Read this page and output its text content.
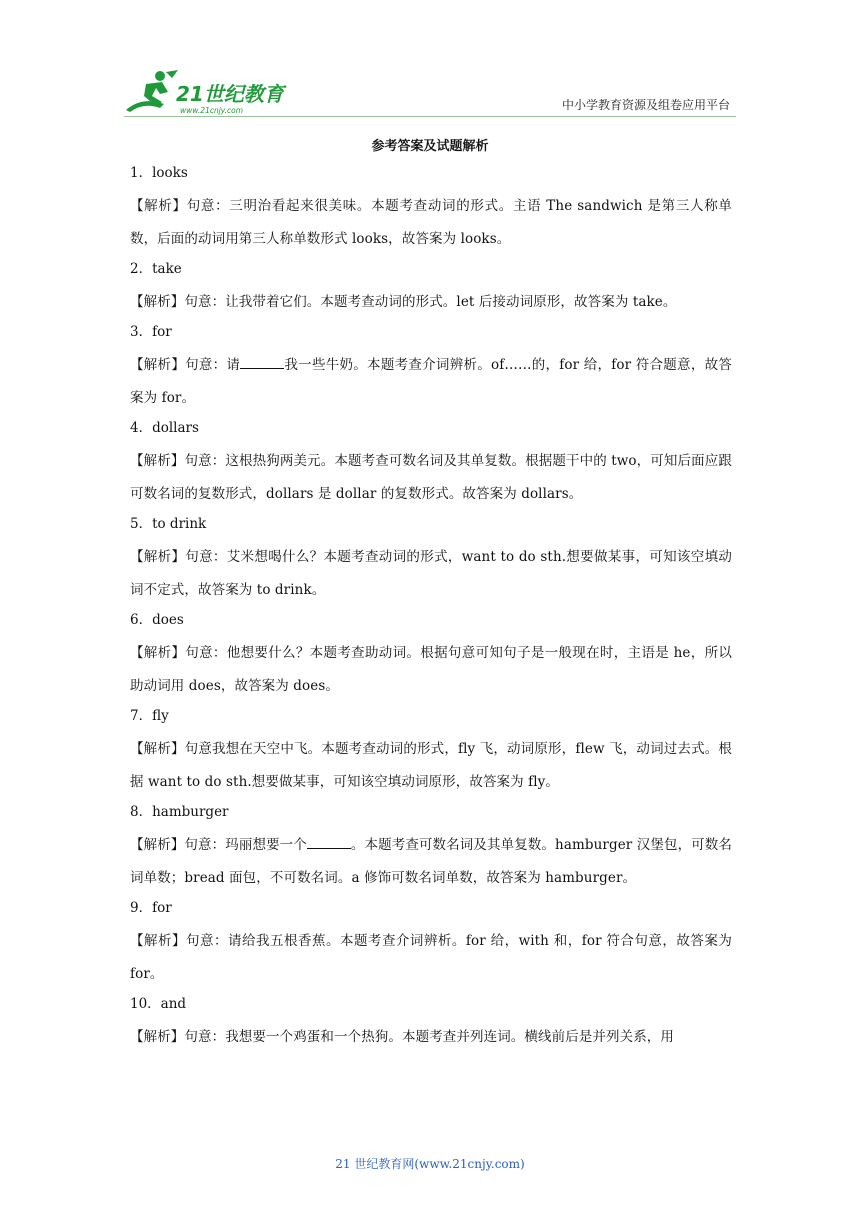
21世纪教育
www.21cnjy.com	中小学教育资源及组卷应用平台
参考答案及试题解析
1．looks
【解析】句意：三明治看起来很美味。本题考查动词的形式。主语 The sandwich 是第三人称单数，后面的动词用第三人称单数形式 looks，故答案为 looks。
2．take
【解析】句意：让我带着它们。本题考查动词的形式。let 后接动词原形，故答案为 take。
3．for
【解析】句意：请	我一些牛奶。本题考查介词辨析。of……的，for 给，for 符合题意，故答案为 for。
4．dollars
【解析】句意：这根热狗两美元。本题考查可数名词及其单复数。根据题干中的 two，可知后面应跟可数名词的复数形式，dollars 是 dollar 的复数形式。故答案为 dollars。
5．to drink
【解析】句意：艾米想喝什么？本题考查动词的形式，want to do sth.想要做某事，可知该空填动词不定式，故答案为 to drink。
6．does
【解析】句意：他想要什么？本题考查助动词。根据句意可知句子是一般现在时，主语是 he，所以助动词用 does，故答案为 does。
7．fly
【解析】句意我想在天空中飞。本题考查动词的形式，fly 飞，动词原形，flew 飞，动词过去式。根据 want to do sth.想要做某事，可知该空填动词原形，故答案为 fly。
8．hamburger
【解析】句意：玛丽想要一个	。本题考查可数名词及其单复数。hamburger 汉堡包，可数名词单数；bread 面包，不可数名词。a 修饰可数名词单数，故答案为 hamburger。
9．for
【解析】句意：请给我五根香蕉。本题考查介词辨析。for 给，with 和，for 符合句意，故答案为 for。
10．and
【解析】句意：我想要一个鸡蛋和一个热狗。本题考查并列连词。横线前后是并列关系，用
21 世纪教育网(www.21cnjy.com)
